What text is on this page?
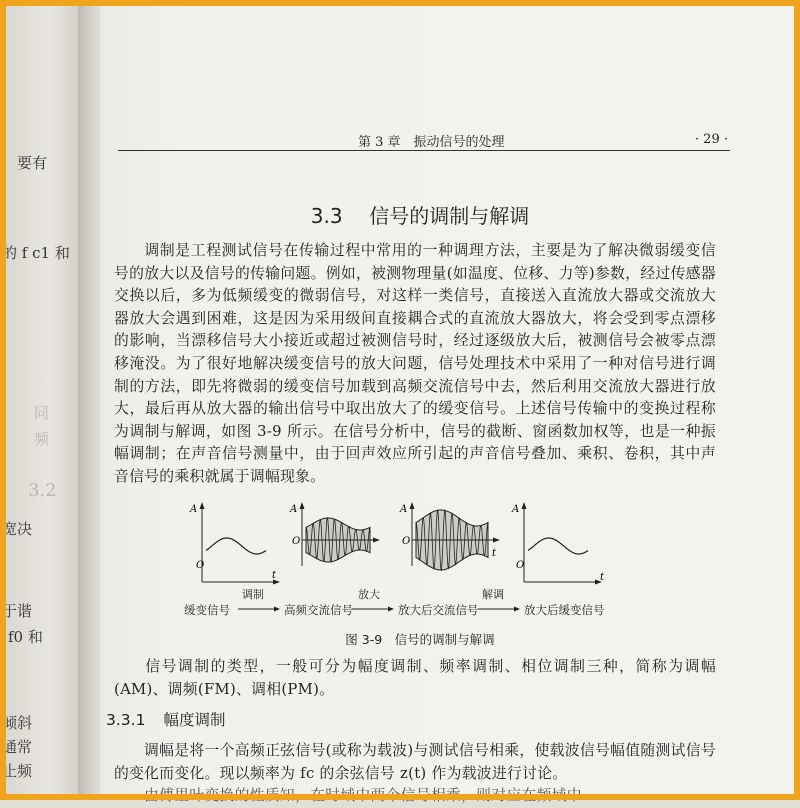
，要有
的 f c1 和
同
频
3.2
宽决
于谐
f0 和
倾斜
通常
止频
第 3 章　振动信号的处理	· 29 ·
3.3 信号的调制与解调
调制是工程测试信号在传输过程中常用的一种调理方法，主要是为了解决微弱缓变信号的放大以及信号的传输问题。例如，被测物理量(如温度、位移、力等)参数，经过传感器交换以后，多为低频缓变的微弱信号，对这样一类信号，直接送入直流放大器或交流放大器放大会遇到困难，这是因为采用级间直接耦合式的直流放大器放大，将会受到零点漂移的影响，当漂移信号大小接近或超过被测信号时，经过逐级放大后，被测信号会被零点漂移淹没。为了很好地解决缓变信号的放大问题，信号处理技术中采用了一种对信号进行调制的方法，即先将微弱的缓变信号加载到高频交流信号中去，然后利用交流放大器进行放大，最后再从放大器的输出信号中取出放大了的缓变信号。上述信号传输中的变换过程称为调制与解调，如图 3-9 所示。在信号分析中，信号的截断、窗函数加权等，也是一种振幅调制；在声音信号测量中，由于回声效应所引起的声音信号叠加、乘积、卷积，其中声音信号的乘积就属于调幅现象。
A	A
O
A
O
t
A
O
t
O
t
缓变信号
调制
高频交流信号
放大
放大后交流信号
解调
放大后缓变信号
图 3-9　信号的调制与解调
信号调制的类型，一般可分为幅度调制、频率调制、相位调制三种，简称为调幅(AM)、调频(FM)、调相(PM)。
3.3.1 幅度调制
调幅是将一个高频正弦信号(或称为载波)与测试信号相乘，使载波信号幅值随测试信号的变化而变化。现以频率为 fc 的余弦信号 z(t) 作为载波进行讨论。
由傅里叶变换的性质知，在时域中两个信号相乘，则对应在频域中
